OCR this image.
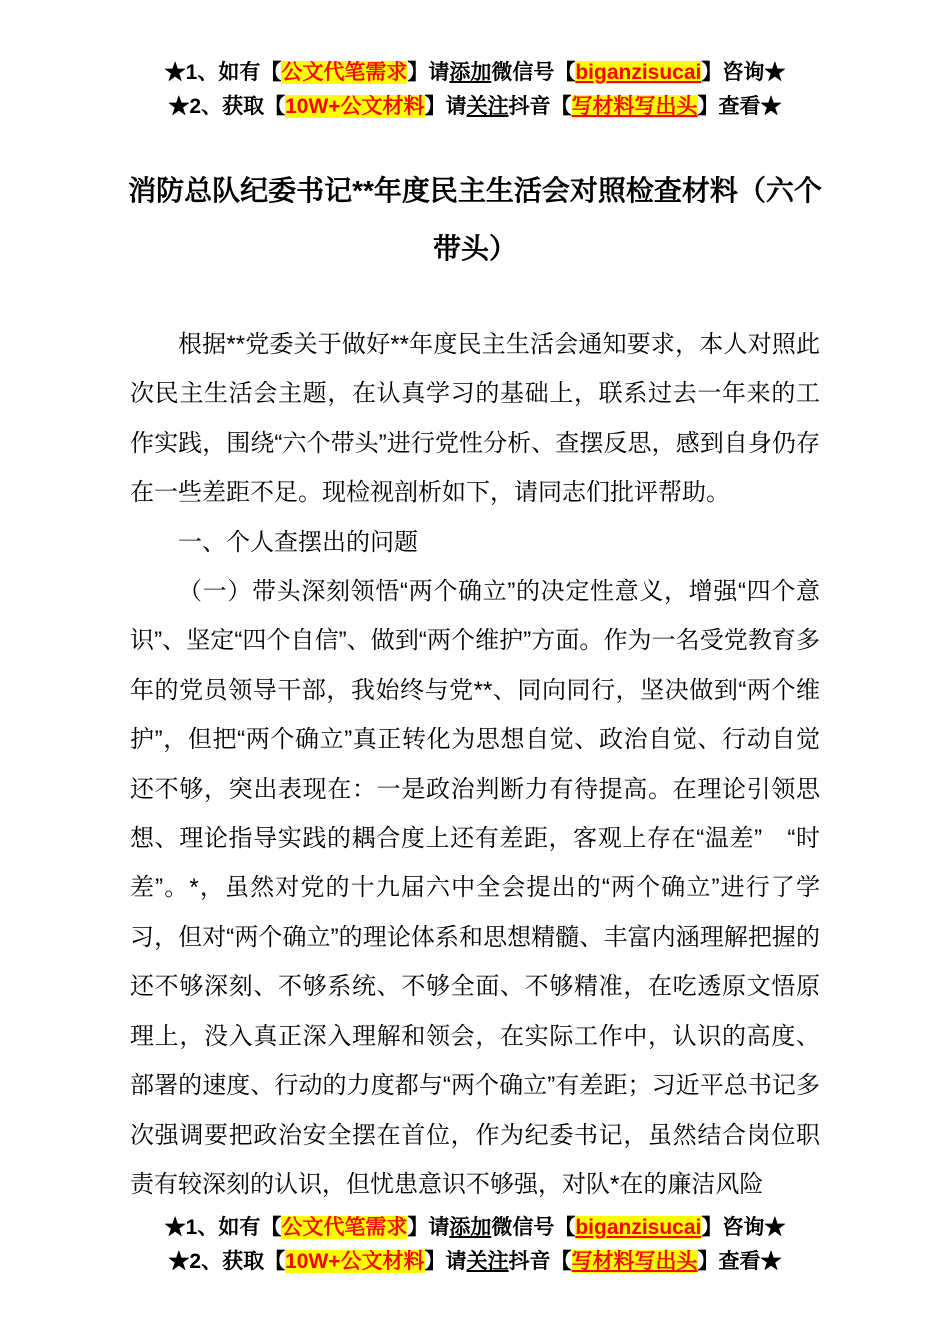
★1、如有【公文代笔需求】请添加微信号【biganzisucai】咨询★
★2、获取【10W+公文材料】请关注抖音【写材料写出头】查看★
消防总队纪委书记**年度民主生活会对照检查材料（六个带头）

根据**党委关于做好**年度民主生活会通知要求，本人对照此次民主生活会主题，在认真学习的基础上，联系过去一年来的工作实践，围绕“六个带头”进行党性分析、查摆反思，感到自身仍存在一些差距不足。现检视剖析如下，请同志们批评帮助。

一、个人查摆出的问题

（一）带头深刻领悟“两个确立”的决定性意义，增强“四个意识”、坚定“四个自信”、做到“两个维护”方面。作为一名受党教育多年的党员领导干部，我始终与党**、同向同行，坚决做到“两个维护”，但把“两个确立”真正转化为思想自觉、政治自觉、行动自觉还不够，突出表现在：一是政治判断力有待提高。在理论引领思想、理论指导实践的耦合度上还有差距，客观上存在“温差”　“时差”。*，虽然对党的十九届六中全会提出的“两个确立”进行了学习，但对“两个确立”的理论体系和思想精髓、丰富内涵理解把握的还不够深刻、不够系统、不够全面、不够精准，在吃透原文悟原理上，没入真正深入理解和领会，在实际工作中，认识的高度、部署的速度、行动的力度都与“两个确立”有差距；习近平总书记多次强调要把政治安全摆在首位，作为纪委书记，虽然结合岗位职责有较深刻的认识，但忧患意识不够强，对队*在的廉洁风险

★1、如有【公文代笔需求】请添加微信号【biganzisucai】咨询★
★2、获取【10W+公文材料】请关注抖音【写材料写出头】查看★
